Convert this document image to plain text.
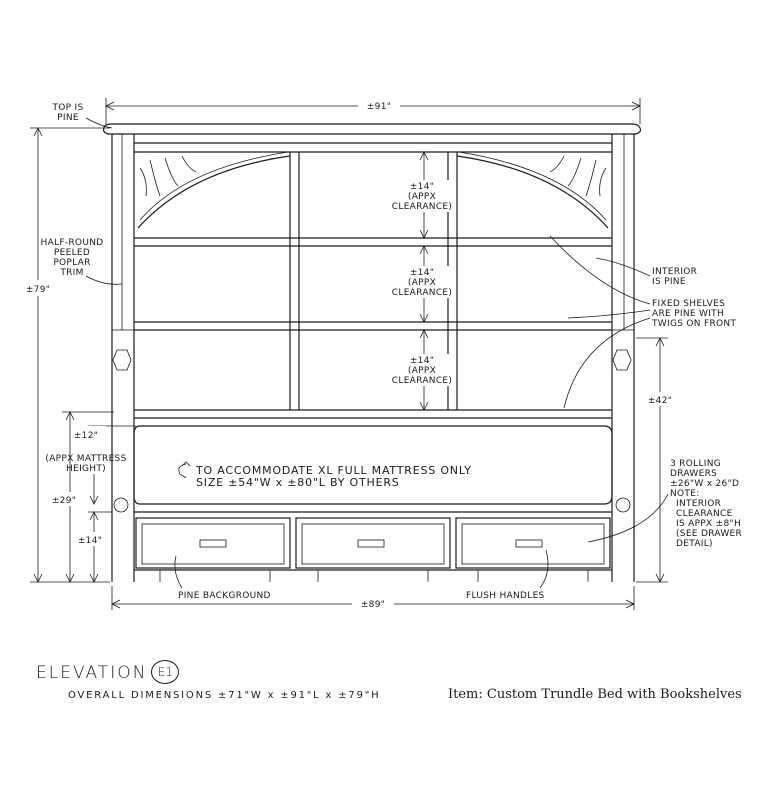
±91"
TOP IS
PINE
±79"
±14"
(APPX
CLEARANCE)
±14"
(APPX
CLEARANCE)
±14"
(APPX
CLEARANCE)
HALF-ROUND
PEELED
POPLAR
TRIM	INTERIOR
IS PINE
FIXED SHELVES
ARE PINE WITH
TWIGS ON FRONT
±42"
TO ACCOMMODATE XL FULL MATTRESS ONLY
SIZE ±54"W x ±80"L BY OTHERS
±12"
(APPX MATTRESS
HEIGHT)
±29"
±14"
3 ROLLING
DRAWERS
±26"W x 26"D
NOTE:
INTERIOR
CLEARANCE
IS APPX ±8"H
(SEE DRAWER
DETAIL)
PINE BACKGROUND	FLUSH HANDLES
±89"
ELEVATION E1
OVERALL DIMENSIONS ±71"W x ±91"L x ±79"H	Item: Custom Trundle Bed with Bookshelves
